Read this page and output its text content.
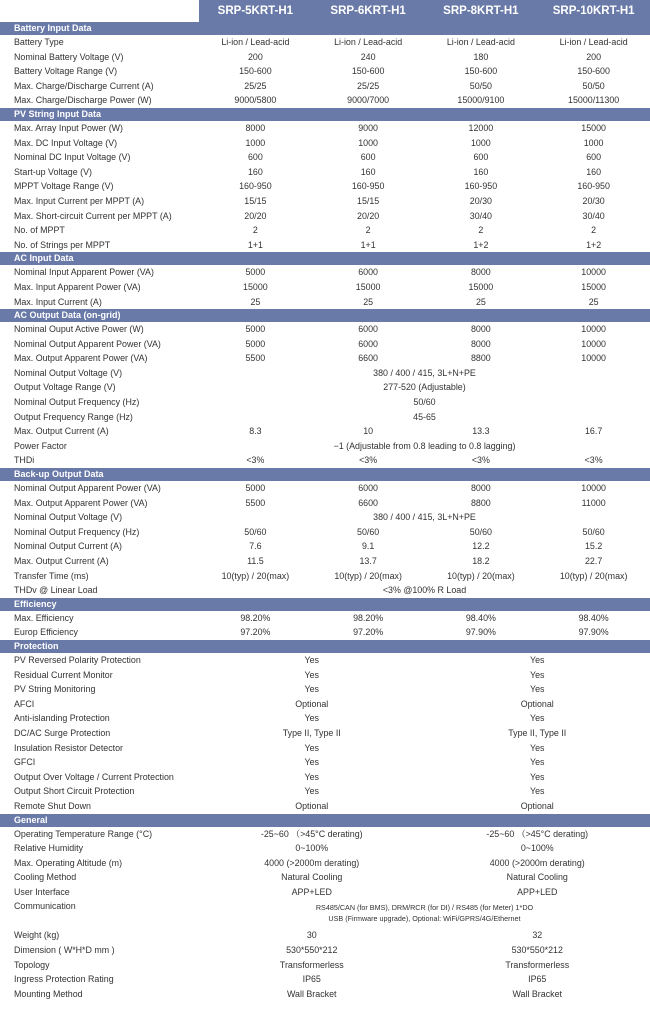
SRP-5KRT-H1	SRP-6KRT-H1	SRP-8KRT-H1	SRP-10KRT-H1
Battery Input Data
Battery Type	Li-ion / Lead-acid	Li-ion / Lead-acid	Li-ion / Lead-acid	Li-ion / Lead-acid
Nominal Battery Voltage (V)	200	240	180	200
Battery Voltage Range (V)	150-600	150-600	150-600	150-600
Max. Charge/Discharge Current (A)	25/25	25/25	50/50	50/50
Max. Charge/Discharge Power (W)	9000/5800	9000/7000	15000/9100	15000/11300
PV String Input Data
Max. Array Input Power (W)	8000	9000	12000	15000
Max. DC Input Voltage (V)	1000	1000	1000	1000
Nominal DC Input Voltage (V)	600	600	600	600
Start-up Voltage (V)	160	160	160	160
MPPT Voltage Range (V)	160-950	160-950	160-950	160-950
Max. Input Current per MPPT (A)	15/15	15/15	20/30	20/30
Max. Short-circuit Current per MPPT (A)	20/20	20/20	30/40	30/40
No. of MPPT	2	2	2	2
No. of Strings per MPPT	1+1	1+1	1+2	1+2
AC Input Data
Nominal Input Apparent Power (VA)	5000	6000	8000	10000
Max. Input Apparent Power (VA)	15000	15000	15000	15000
Max. Input Current (A)	25	25	25	25
AC Output Data (on-grid)
Nominal Ouput Active Power (W)	5000	6000	8000	10000
Nominal Output Apparent Power (VA)	5000	6000	8000	10000
Max. Output Apparent Power (VA)	5500	6600	8800	10000
Nominal Output Voltage (V)	380 / 400 / 415, 3L+N+PE
Output Voltage Range (V)	277-520 (Adjustable)
Nominal Output Frequency (Hz)	50/60
Output Frequency Range (Hz)	45-65
Max. Output Current (A)	8.3	10	13.3	16.7
Power Factor	−1 (Adjustable from 0.8 leading to 0.8 lagging)
THDi	<3%	<3%	<3%	<3%
Back-up Output Data
Nominal Output Apparent Power (VA)	5000	6000	8000	10000
Max. Output Apparent Power (VA)	5500	6600	8800	11000
Nominal Output Voltage (V)	380 / 400 / 415, 3L+N+PE
Nominal Output Frequency (Hz)	50/60	50/60	50/60	50/60
Nominal Output Current (A)	7.6	9.1	12.2	15.2
Max. Output Current (A)	11.5	13.7	18.2	22.7
Transfer Time (ms)	10(typ) / 20(max)	10(typ) / 20(max)	10(typ) / 20(max)	10(typ) / 20(max)
THDv @ Linear Load	<3% @100% R Load
Efficiency
Max. Efficiency	98.20%	98.20%	98.40%	98.40%
Europ Efficiency	97.20%	97.20%	97.90%	97.90%
Protection
PV Reversed Polarity Protection	Yes	Yes
Residual Current Monitor	Yes	Yes
PV String Monitoring	Yes	Yes
AFCI	Optional	Optional
Anti-islanding Protection	Yes	Yes
DC/AC Surge Protection	Type II, Type II	Type II, Type II
Insulation Resistor Detector	Yes	Yes
GFCI	Yes	Yes
Output Over Voltage / Current Protection	Yes	Yes
Output Short Circuit Protection	Yes	Yes
Remote Shut Down	Optional	Optional
General
Operating Temperature Range (°C)	-25~60 （>45°C derating)	-25~60 （>45°C derating)
Relative Humidity	0~100%	0~100%
Max. Operating Altitude (m)	4000 (>2000m derating)	4000 (>2000m derating)
Cooling Method	Natural Cooling	Natural Cooling
User Interface	APP+LED	APP+LED
Communication	RS485/CAN (for BMS), DRM/RCR (for DI) / RS485 (for Meter) 1*DO
USB (Firmware upgrade), Optional: WiFi/GPRS/4G/Ethernet
Weight (kg)	30	32
Dimension ( W*H*D mm )	530*550*212	530*550*212
Topology	Transformerless	Transformerless
Ingress Protection Rating	IP65	IP65
Mounting Method	Wall Bracket	Wall Bracket
